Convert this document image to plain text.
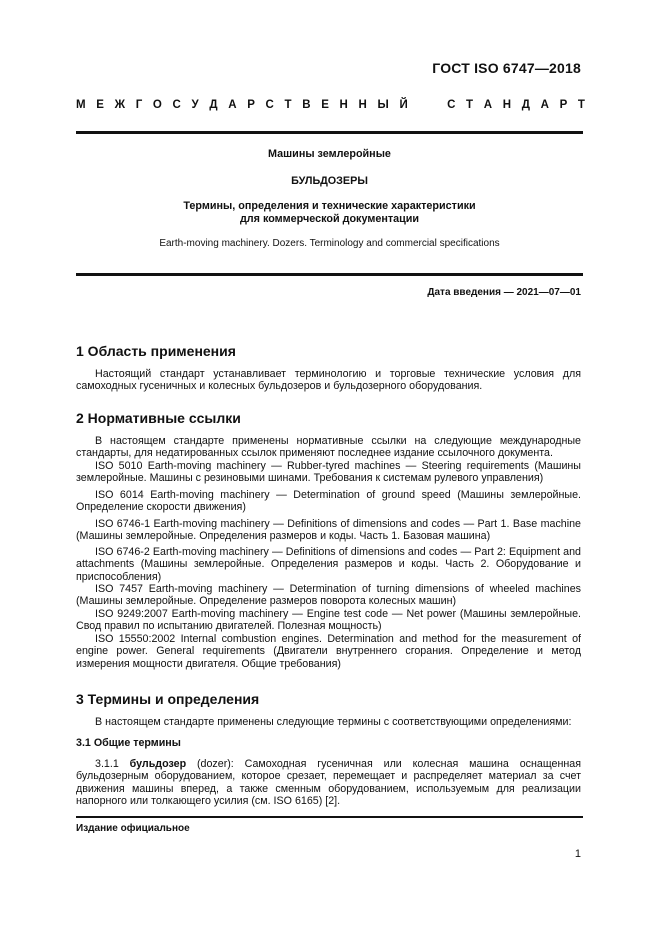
ГОСТ ISO 6747—2018
М Е Ж Г О С У Д А Р С Т В Е Н Н Ы Й	С Т А Н Д А Р Т
Машины землеройные
БУЛЬДОЗЕРЫ
Термины, определения и технические характеристики
для коммерческой документации
Earth-moving machinery. Dozers. Terminology and commercial specifications
Дата введения — 2021—07—01
1 Область применения
Настоящий стандарт устанавливает терминологию и торговые технические условия для самоходных гусеничных и колесных бульдозеров и бульдозерного оборудования.
2 Нормативные ссылки
В настоящем стандарте применены нормативные ссылки на следующие международные стандарты, для недатированных ссылок применяют последнее издание ссылочного документа.
ISO 5010 Earth-moving machinery — Rubber-tyred machines — Steering requirements (Машины землеройные. Машины с резиновыми шинами. Требования к системам рулевого управления)
ISO 6014 Earth-moving machinery — Determination of ground speed (Машины землеройные. Определение скорости движения)
ISO 6746-1 Earth-moving machinery — Definitions of dimensions and codes — Part 1. Base machine (Машины землеройные. Определения размеров и коды. Часть 1. Базовая машина)
ISO 6746-2 Earth-moving machinery — Definitions of dimensions and codes — Part 2: Equipment and attachments (Машины землеройные. Определения размеров и коды. Часть 2. Оборудование и приспособления)
ISO 7457 Earth-moving machinery — Determination of turning dimensions of wheeled machines (Машины землеройные. Определение размеров поворота колесных машин)
ISO 9249:2007 Earth-moving machinery — Engine test code — Net power (Машины землеройные. Свод правил по испытанию двигателей. Полезная мощность)
ISO 15550:2002 Internal combustion engines. Determination and method for the measurement of engine power. General requirements (Двигатели внутреннего сгорания. Определение и метод измерения мощности двигателя. Общие требования)
3 Термины и определения
В настоящем стандарте применены следующие термины с соответствующими определениями:
3.1 Общие термины
3.1.1 бульдозер (dozer): Самоходная гусеничная или колесная машина оснащенная бульдозерным оборудованием, которое срезает, перемещает и распределяет материал за счет движения машины вперед, а также сменным оборудованием, используемым для реализации напорного или толкающего усилия (см. ISO 6165) [2].
Издание официальное
1
